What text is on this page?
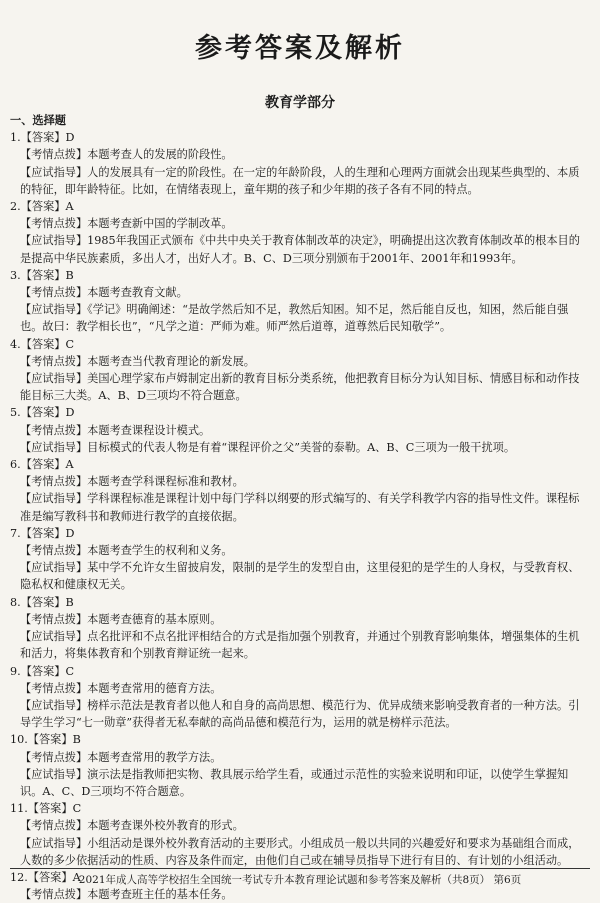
参考答案及解析
教育学部分
一、选择题
1.【答案】D
【考情点拨】本题考查人的发展的阶段性。
【应试指导】人的发展具有一定的阶段性。在一定的年龄阶段，人的生理和心理两方面就会出现某些典型的、本质的特征，即年龄特征。比如，在情绪表现上，童年期的孩子和少年期的孩子各有不同的特点。
2.【答案】A
【考情点拨】本题考查新中国的学制改革。
【应试指导】1985年我国正式颁布《中共中央关于教育体制改革的决定》，明确提出这次教育体制改革的根本目的是提高中华民族素质，多出人才，出好人才。B、C、D三项分别颁布于2001年、2001年和1993年。
3.【答案】B
【考情点拨】本题考查教育文献。
【应试指导】《学记》明确阐述：“是故学然后知不足，教然后知困。知不足，然后能自反也，知困，然后能自强也。故曰：教学相长也”，“凡学之道：严师为难。师严然后道尊，道尊然后民知敬学”。
4.【答案】C
【考情点拨】本题考查当代教育理论的新发展。
【应试指导】美国心理学家布卢姆制定出新的教育目标分类系统，他把教育目标分为认知目标、情感目标和动作技能目标三大类。A、B、D三项均不符合题意。
5.【答案】D
【考情点拨】本题考查课程设计模式。
【应试指导】目标模式的代表人物是有着“课程评价之父”美誉的泰勒。A、B、C三项为一般干扰项。
6.【答案】A
【考情点拨】本题考查学科课程标准和教材。
【应试指导】学科课程标准是课程计划中每门学科以纲要的形式编写的、有关学科教学内容的指导性文件。课程标准是编写教科书和教师进行教学的直接依据。
7.【答案】D
【考情点拨】本题考查学生的权利和义务。
【应试指导】某中学不允许女生留披肩发，限制的是学生的发型自由，这里侵犯的是学生的人身权，与受教育权、隐私权和健康权无关。
8.【答案】B
【考情点拨】本题考查德育的基本原则。
【应试指导】点名批评和不点名批评相结合的方式是指加强个别教育，并通过个别教育影响集体，增强集体的生机和活力，将集体教育和个别教育辩证统一起来。
9.【答案】C
【考情点拨】本题考查常用的德育方法。
【应试指导】榜样示范法是教育者以他人和自身的高尚思想、模范行为、优异成绩来影响受教育者的一种方法。引导学生学习“七一勋章”获得者无私奉献的高尚品德和模范行为，运用的就是榜样示范法。
10.【答案】B
【考情点拨】本题考查常用的教学方法。
【应试指导】演示法是指教师把实物、教具展示给学生看，或通过示范性的实验来说明和印证，以使学生掌握知识。A、C、D三项均不符合题意。
11.【答案】C
【考情点拨】本题考查课外校外教育的形式。
【应试指导】小组活动是课外校外教育活动的主要形式。小组成员一般以共同的兴趣爱好和要求为基础组合而成，人数的多少依据活动的性质、内容及条件而定，由他们自己或在辅导员指导下进行有目的、有计划的小组活动。
12.【答案】A
【考情点拨】本题考查班主任的基本任务。
2021年成人高等学校招生全国统一考试专升本教育理论试题和参考答案及解析（共8页） 第6页
